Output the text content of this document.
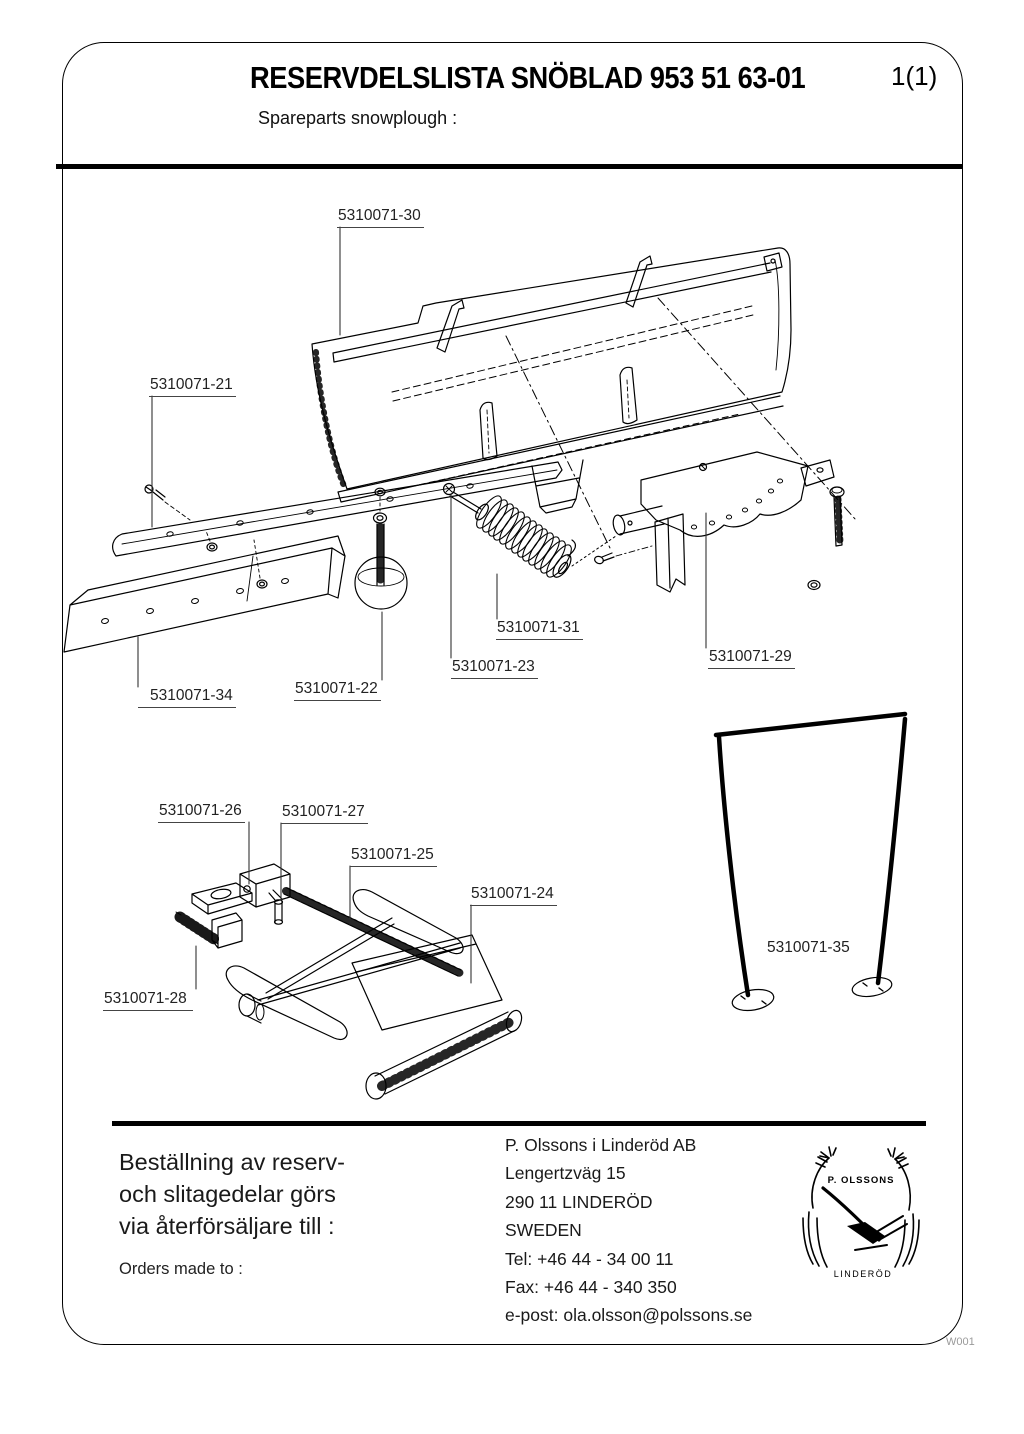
RESERVDELSLISTA SNÖBLAD 953 51 63-01	1(1)
Spareparts snowplough :
P. OLSSONS
LINDERÖD
5310071-30
5310071-21
5310071-31
5310071-23
5310071-29
5310071-34	5310071-22
5310071-26	5310071-27
5310071-25
5310071-24
5310071-28
5310071-35
Beställning av reserv-
och slitagedelar görs
via återförsäljare till :
Orders made to :
P. Olssons i Linderöd AB
Lengertzväg 15
290 11 LINDERÖD
SWEDEN
Tel: +46 44 - 34 00 11
Fax: +46 44 - 340 350
e-post: ola.olsson@polssons.se
W001
